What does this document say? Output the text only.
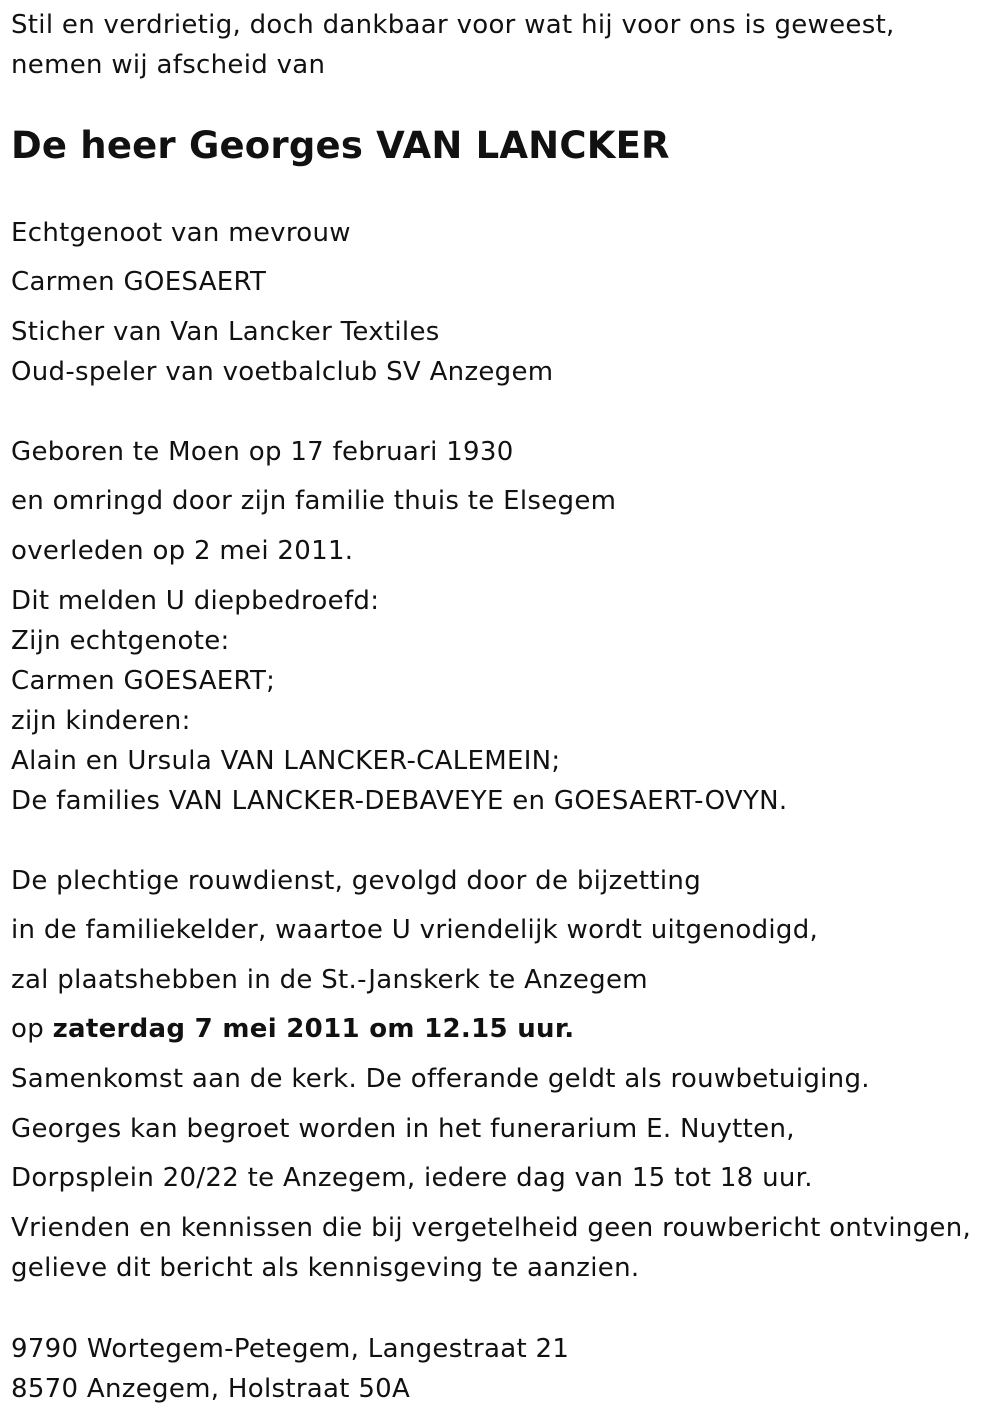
Stil en verdrietig, doch dankbaar voor wat hij voor ons is geweest,
nemen wij afscheid van
De heer Georges VAN LANCKER
Echtgenoot van mevrouw
Carmen GOESAERT
Sticher van Van Lancker Textiles
Oud-speler van voetbalclub SV Anzegem
Geboren te Moen op 17 februari 1930
en omringd door zijn familie thuis te Elsegem
overleden op 2 mei 2011.
Dit melden U diepbedroefd:
Zijn echtgenote:
Carmen GOESAERT;
zijn kinderen:
Alain en Ursula VAN LANCKER-CALEMEIN;
De families VAN LANCKER-DEBAVEYE en GOESAERT-OVYN.
De plechtige rouwdienst, gevolgd door de bijzetting
in de familiekelder, waartoe U vriendelijk wordt uitgenodigd,
zal plaatshebben in de St.-Janskerk te Anzegem
op zaterdag 7 mei 2011 om 12.15 uur.
Samenkomst aan de kerk. De offerande geldt als rouwbetuiging.
Georges kan begroet worden in het funerarium E. Nuytten,
Dorpsplein 20/22 te Anzegem, iedere dag van 15 tot 18 uur.
Vrienden en kennissen die bij vergetelheid geen rouwbericht ontvingen,
gelieve dit bericht als kennisgeving te aanzien.
9790 Wortegem-Petegem, Langestraat 21
8570 Anzegem, Holstraat 50A
